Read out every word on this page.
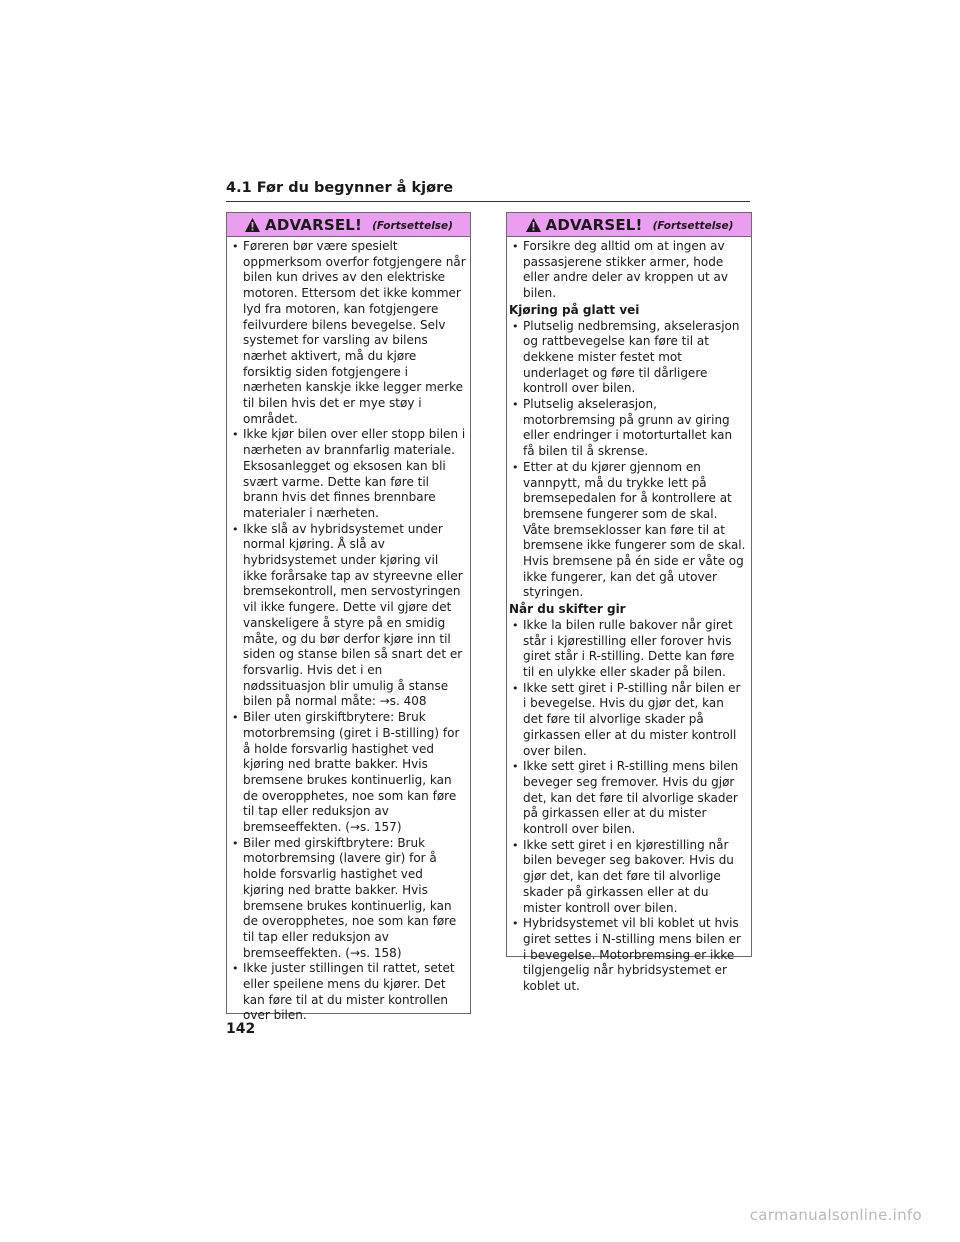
4.1 Før du begynner å kjøre
ADVARSEL! (Fortsettelse)
• Føreren bør være spesielt oppmerksom overfor fotgjengere når bilen kun drives av den elektriske motoren. Ettersom det ikke kommer lyd fra motoren, kan fotgjengere feilvurdere bilens bevegelse. Selv systemet for varsling av bilens nærhet aktivert, må du kjøre forsiktig siden fotgjengere i nærheten kanskje ikke legger merke til bilen hvis det er mye støy i området.
• Ikke kjør bilen over eller stopp bilen i nærheten av brannfarlig materiale. Eksosanlegget og eksosen kan bli svært varme. Dette kan føre til brann hvis det finnes brennbare materialer i nærheten.
• Ikke slå av hybridsystemet under normal kjøring. Å slå av hybridsystemet under kjøring vil ikke forårsake tap av styreevne eller bremsekontroll, men servostyringen vil ikke fungere. Dette vil gjøre det vanskeligere å styre på en smidig måte, og du bør derfor kjøre inn til siden og stanse bilen så snart det er forsvarlig. Hvis det i en nødssituasjon blir umulig å stanse bilen på normal måte: →s. 408
• Biler uten girskiftbrytere: Bruk motorbremsing (giret i B-stilling) for å holde forsvarlig hastighet ved kjøring ned bratte bakker. Hvis bremsene brukes kontinuerlig, kan de overopphetes, noe som kan føre til tap eller reduksjon av bremseeffekten. (→s. 157)
• Biler med girskiftbrytere: Bruk motorbremsing (lavere gir) for å holde forsvarlig hastighet ved kjøring ned bratte bakker. Hvis bremsene brukes kontinuerlig, kan de overopphetes, noe som kan føre til tap eller reduksjon av bremseeffekten. (→s. 158)
• Ikke juster stillingen til rattet, setet eller speilene mens du kjører. Det kan føre til at du mister kontrollen over bilen.
ADVARSEL! (Fortsettelse)
• Forsikre deg alltid om at ingen av passasjerene stikker armer, hode eller andre deler av kroppen ut av bilen.
Kjøring på glatt vei
• Plutselig nedbremsing, akselerasjon og rattbevegelse kan føre til at dekkene mister festet mot underlaget og føre til dårligere kontroll over bilen.
• Plutselig akselerasjon, motorbremsing på grunn av giring eller endringer i motorturtallet kan få bilen til å skrense.
• Etter at du kjører gjennom en vannpytt, må du trykke lett på bremsepedalen for å kontrollere at bremsene fungerer som de skal. Våte bremseklosser kan føre til at bremsene ikke fungerer som de skal. Hvis bremsene på én side er våte og ikke fungerer, kan det gå utover styringen.
Når du skifter gir
• Ikke la bilen rulle bakover når giret står i kjørestilling eller forover hvis giret står i R-stilling. Dette kan føre til en ulykke eller skader på bilen.
• Ikke sett giret i P-stilling når bilen er i bevegelse. Hvis du gjør det, kan det føre til alvorlige skader på girkassen eller at du mister kontroll over bilen.
• Ikke sett giret i R-stilling mens bilen beveger seg fremover. Hvis du gjør det, kan det føre til alvorlige skader på girkassen eller at du mister kontroll over bilen.
• Ikke sett giret i en kjørestilling når bilen beveger seg bakover. Hvis du gjør det, kan det føre til alvorlige skader på girkassen eller at du mister kontroll over bilen.
• Hybridsystemet vil bli koblet ut hvis giret settes i N-stilling mens bilen er i bevegelse. Motorbremsing er ikke tilgjengelig når hybridsystemet er koblet ut.
142
carmanualsonline.info
